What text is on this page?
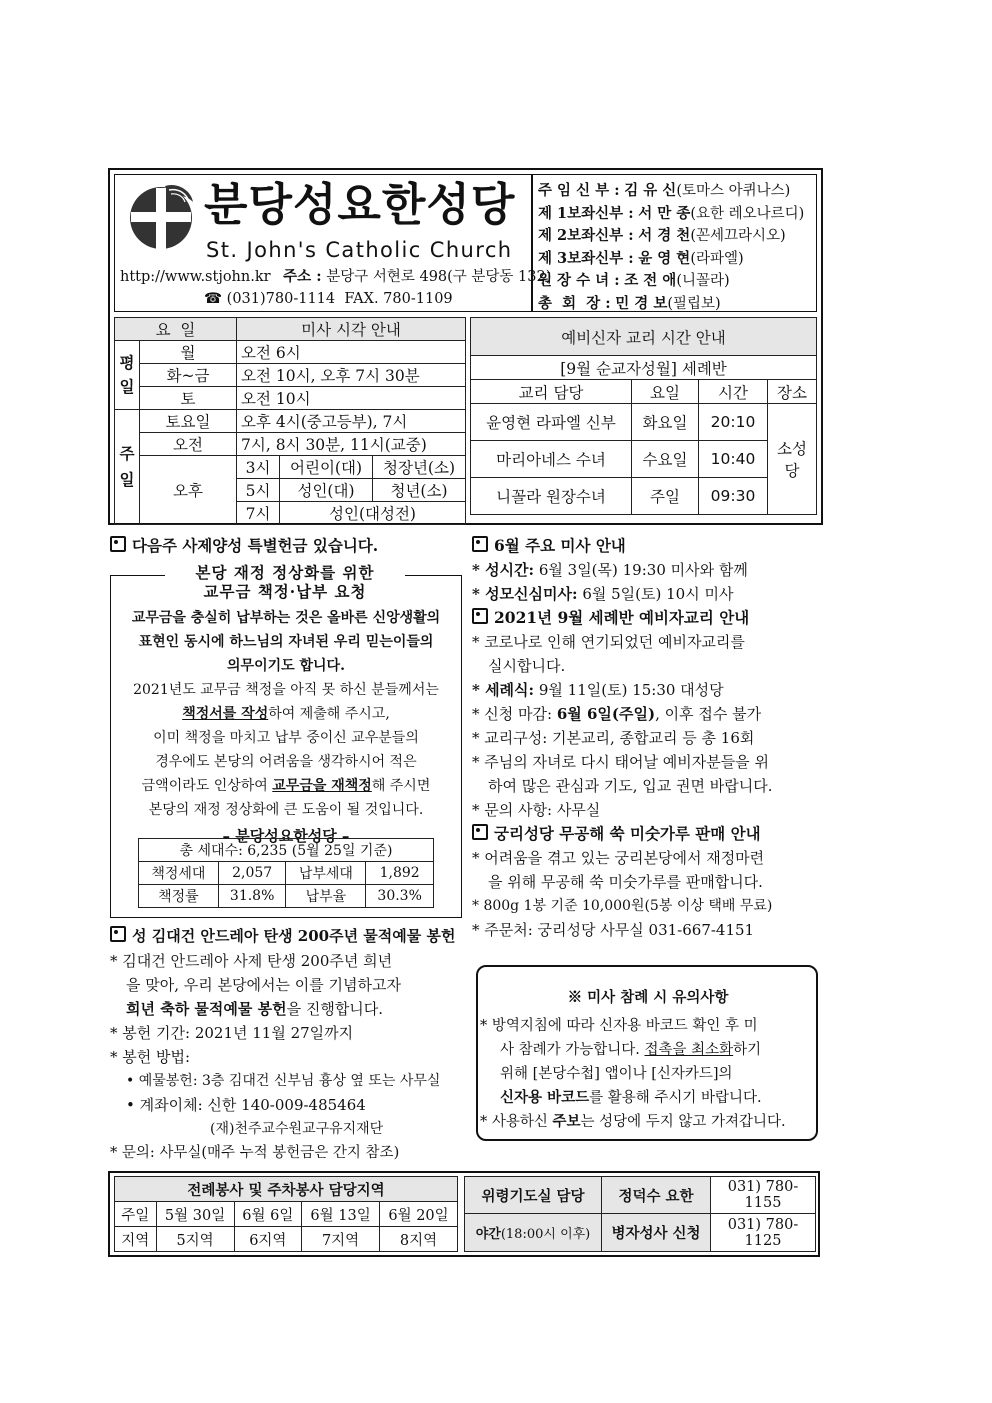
분당성요한성당
St. John's Catholic Church
http://www.stjohn.kr 주소 : 분당구 서현로 498(구 분당동 132)
☎ (031)780-1114  FAX. 780-1109
주 임 신 부 : 김 유 신(토마스 아퀴나스)
제 1보좌신부 : 서 만 종(요한 레오나르디)
제 2보좌신부 : 서 경 천(꼰세끄라시오)
제 3보좌신부 : 윤 영 현(라파엘)
원 장 수 녀 : 조 전 애(니꼴라)
총  회  장 : 민 경 보(필립보)
요  일		미사 시각 안내		

평일	월	오전 6시		
	화~금	오전 10시, 오후 7시 30분		
	토	오전 10시		

주일	토요일	오후 4시(중고등부), 7시		
	오전	7시, 8시 30분, 11시(교중)		
	오후	3시	어린이(대)	청장년(소)
		5시	성인(대)	청년(소)
		7시	성인(대성전)	
예비신자 교리 시간 안내			
[9월 순교자성월] 세례반			
교리 담당	요일	시간	장소
윤영현 라파엘 신부	화요일	20:10	소성당
마리아네스 수녀	수요일	10:40	
니꼴라 원장수녀	주일	09:30	
다음주 사제양성 특별헌금 있습니다.
본당 재정 정상화를 위한
교무금 책정·납부 요청
교무금을 충실히 납부하는 것은 올바른 신앙생활의
표현인 동시에 하느님의 자녀된 우리 믿는이들의
의무이기도 합니다.
2021년도 교무금 책정을 아직 못 하신 분들께서는
책정서를 작성하여 제출해 주시고,
이미 책정을 마치고 납부 중이신 교우분들의
경우에도 본당의 어려움을 생각하시어 적은
금액이라도 인상하여 교무금을 재책정해 주시면
본당의 재정 정상화에 큰 도움이 될 것입니다.
– 분당성요한성당 –
총 세대수: 6,235 (5월 25일 기준)			
책정세대	2,057	납부세대	1,892
책정률	31.8%	납부율	30.3%
성 김대건 안드레아 탄생 200주년 물적예물 봉헌
* 김대건 안드레아 사제 탄생 200주년 희년
을 맞아, 우리 본당에서는 이를 기념하고자
희년 축하 물적예물 봉헌을 진행합니다.
* 봉헌 기간: 2021년 11월 27일까지
* 봉헌 방법:
• 예물봉헌: 3층 김대건 신부님 흉상 옆 또는 사무실
• 계좌이체: 신한 140-009-485464
(재)천주교수원교구유지재단
* 문의: 사무실(매주 누적 봉헌금은 간지 참조)
6월 주요 미사 안내
* 성시간: 6월 3일(목) 19:30 미사와 함께
* 성모신심미사: 6월 5일(토) 10시 미사
2021년 9월 세례반 예비자교리 안내
* 코로나로 인해 연기되었던 예비자교리를
실시합니다.
* 세례식: 9월 11일(토) 15:30 대성당
* 신청 마감: 6월 6일(주일), 이후 접수 불가
* 교리구성: 기본교리, 종합교리 등 총 16회
* 주님의 자녀로 다시 태어날 예비자분들을 위
하여 많은 관심과 기도, 입교 권면 바랍니다.
* 문의 사항: 사무실
궁리성당 무공해 쑥 미숫가루 판매 안내
* 어려움을 겪고 있는 궁리본당에서 재정마련
을 위해 무공해 쑥 미숫가루를 판매합니다.
* 800g 1봉 기준 10,000원(5봉 이상 택배 무료)
* 주문처: 궁리성당 사무실 031-667-4151
※ 미사 참례 시 유의사항
* 방역지침에 따라 신자용 바코드 확인 후 미
사 참례가 가능합니다. 접촉을 최소화하기
위해 [본당수첩] 앱이나 [신자카드]의
신자용 바코드를 활용해 주시기 바랍니다.
* 사용하신 주보는 성당에 두지 않고 가져갑니다.
전례봉사 및 주차봉사 담당지역				
주일	5월 30일	6월 6일	6월 13일	6월 20일
지역	5지역	6지역	7지역	8지역
위령기도실 담당	정덕수 요한	031) 780-1155
야간(18:00시 이후)	병자성사 신청	031) 780-1125
